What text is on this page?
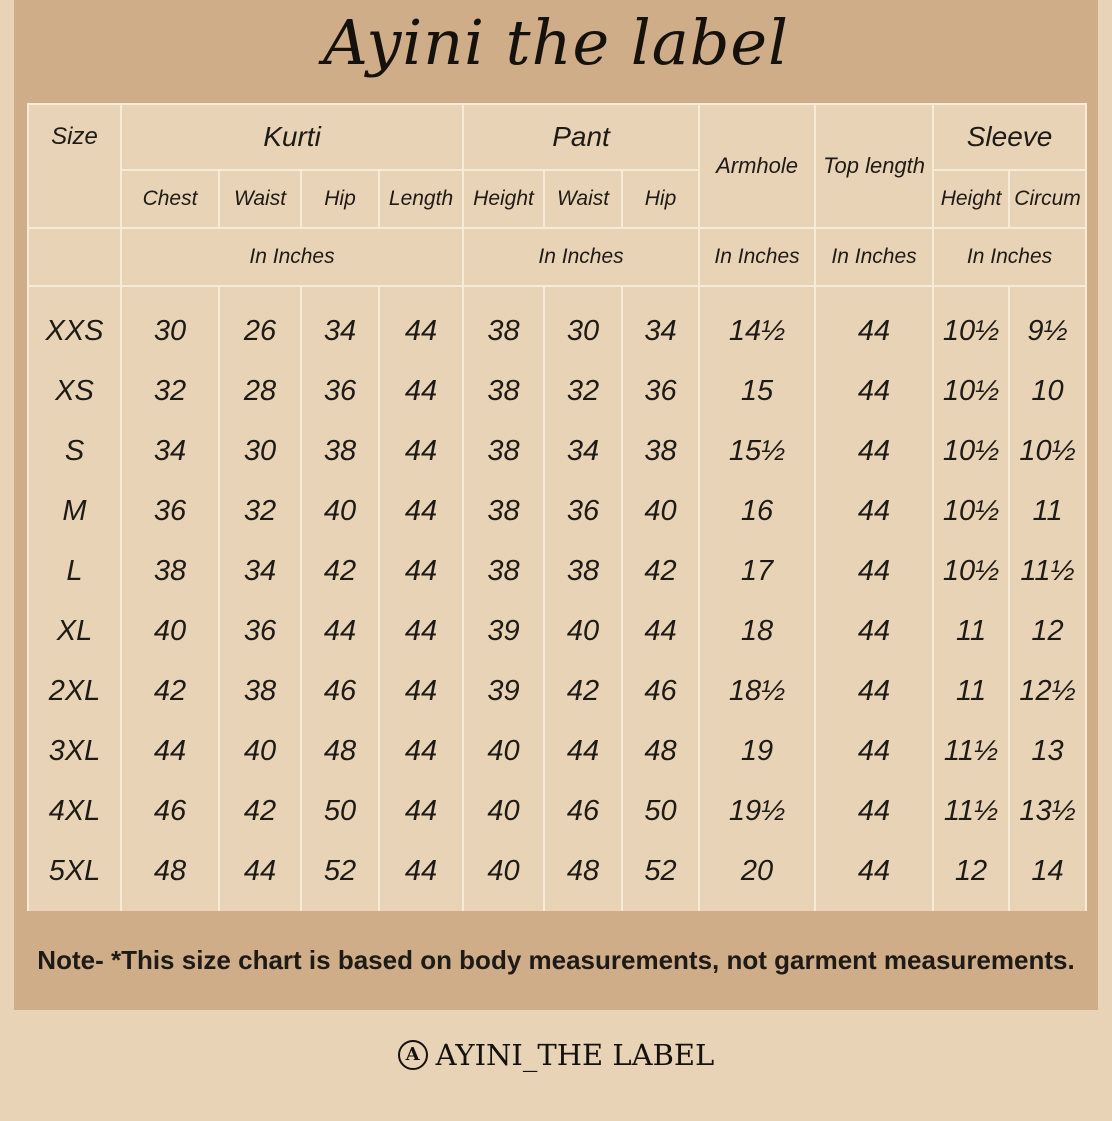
Ayini the label
Size	Kurti				Pant			Armhole	Top length	Sleeve	
	Chest	Waist	Hip	Length	Height	Waist	Hip			Height	Circum
	In Inches				In Inches			In Inches	In Inches	In Inches	
XXS	30	26	34	44	38	30	34	14½	44	10½	9½
XS	32	28	36	44	38	32	36	15	44	10½	10
S	34	30	38	44	38	34	38	15½	44	10½	10½
M	36	32	40	44	38	36	40	16	44	10½	11
L	38	34	42	44	38	38	42	17	44	10½	11½
XL	40	36	44	44	39	40	44	18	44	11	12
2XL	42	38	46	44	39	42	46	18½	44	11	12½
3XL	44	40	48	44	40	44	48	19	44	11½	13
4XL	46	42	50	44	40	46	50	19½	44	11½	13½
5XL	48	44	52	44	40	48	52	20	44	12	14
Note- *This size chart is based on body measurements, not garment measurements.
A AYINI_THE LABEL
